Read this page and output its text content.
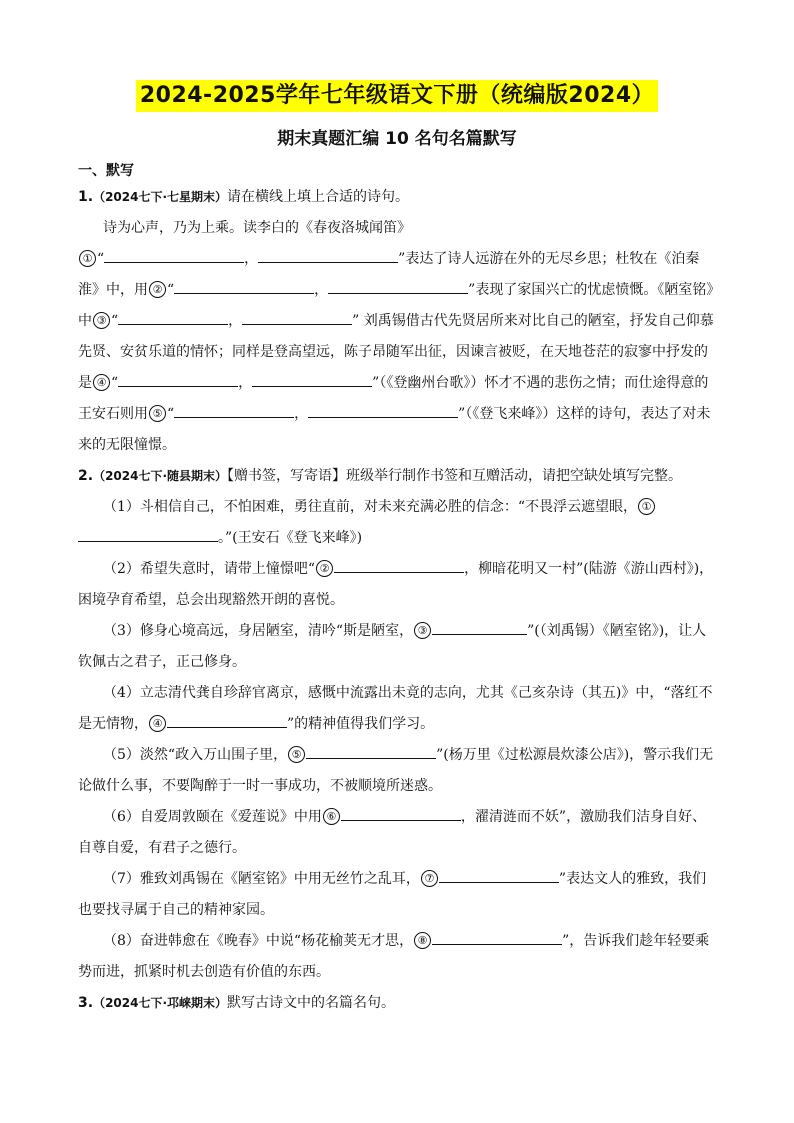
2024-2025学年七年级语文下册（统编版2024）
期末真题汇编 10 名句名篇默写
一、默写
1.（2024七下·七星期末）请在横线上填上合适的诗句。
诗为心声，乃为上乘。读李白的《春夜洛城闻笛》
① “	，	”表达了诗人远游在外的无尽乡思；杜牧在《泊秦淮》中，用 ② “	，	”表现了家国兴亡的忧虑愤慨。《陋室铭》中 ③ “	，	” 刘禹锡借古代先贤居所来对比自己的陋室，抒发自己仰慕先贤、安贫乐道的情怀；同样是登高望远，陈子昂随军出征，因谏言被贬，在天地苍茫的寂寥中抒发的是 ④ “	，	”（《登幽州台歌》）怀才不遇的悲伤之情；而仕途得意的王安石则用 ⑤ “	，	”（《登飞来峰》）这样的诗句，表达了对未来的无限憧憬。
2.（2024七下·随县期末）【赠书签，写寄语】班级举行制作书签和互赠活动，请把空缺处填写完整。

（1）斗相信自己，不怕困难，勇往直前，对未来充满必胜的信念：“不畏浮云遮望眼， ①。”(王安石《登飞来峰》)

（2）希望失意时，请带上憧憬吧“ ②	，柳暗花明又一村”(陆游《游山西村》)，困境孕育希望，总会出现豁然开朗的喜悦。

（3）修身心境高远，身居陋室，清吟“斯是陋室， ③	”(（刘禹锡）《陋室铭》)，让人钦佩古之君子，正己修身。

（4）立志清代龚自珍辞官离京，感慨中流露出未竟的志向，尤其《己亥杂诗（其五)》中，“落红不是无情物， ④	”的精神值得我们学习。

（5）淡然“政入万山围子里， ⑤	”(杨万里《过松源晨炊漆公店》)，警示我们无论做什么事，不要陶醉于一时一事成功，不被顺境所迷惑。

（6）自爱周敦颐在《爱莲说》中用 ⑥	，濯清涟而不妖”，激励我们洁身自好、自尊自爱，有君子之德行。

（7）雅致刘禹锡在《陋室铭》中用无丝竹之乱耳， ⑦	”表达文人的雅致，我们也要找寻属于自己的精神家园。

（8）奋进韩愈在《晚春》中说“杨花榆荚无才思， ⑧	”，告诉我们趁年轻要乘势而进，抓紧时机去创造有价值的东西。

3.（2024七下·邛崃期末）默写古诗文中的名篇名句。
